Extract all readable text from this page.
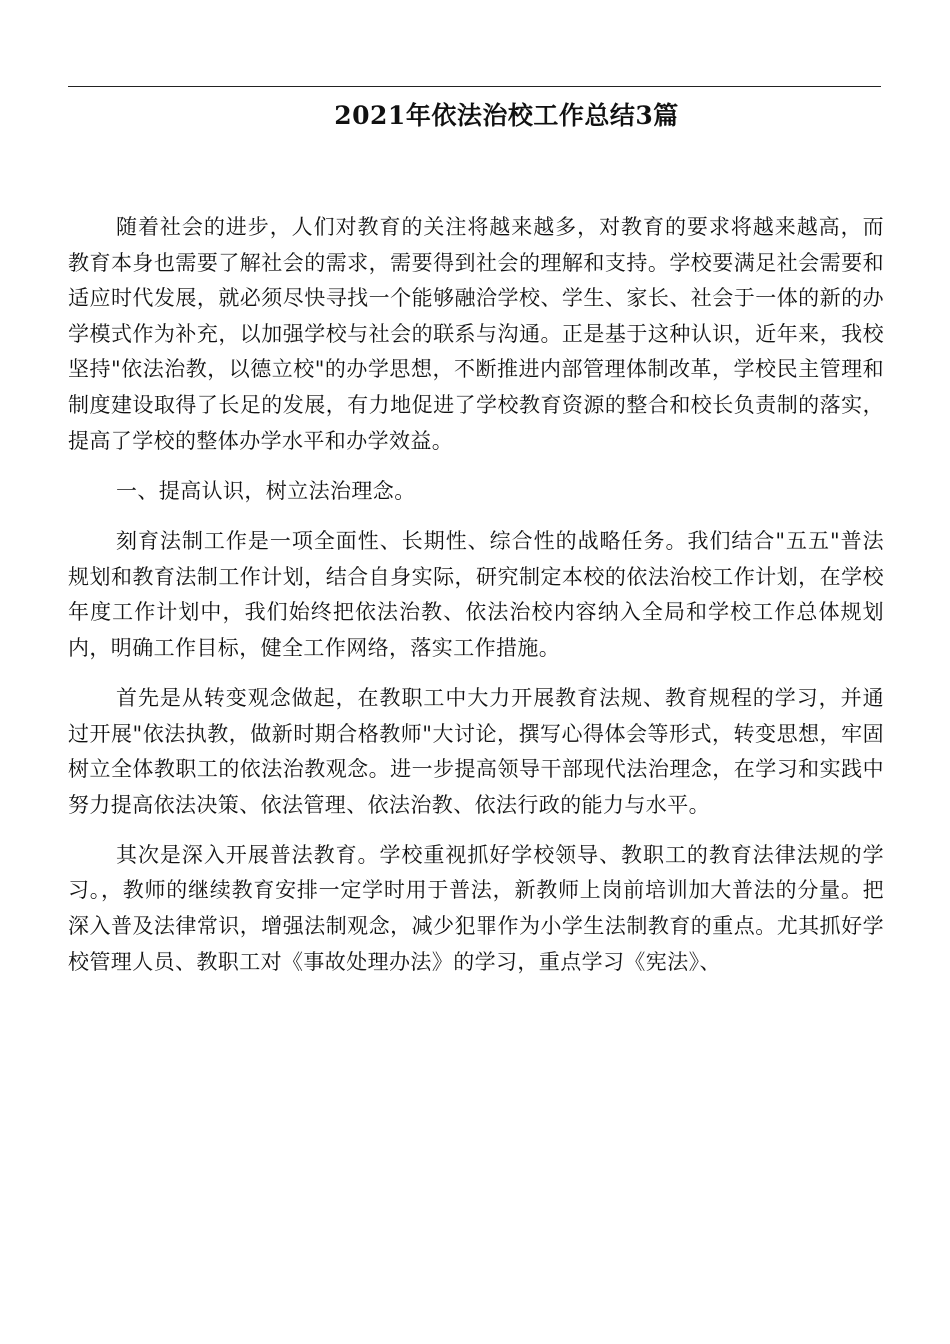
2021年依法治校工作总结3篇

随着社会的进步，人们对教育的关注将越来越多，对教育的要求将越来越高，而教育本身也需要了解社会的需求，需要得到社会的理解和支持。学校要满足社会需要和适应时代发展，就必须尽快寻找一个能够融洽学校、学生、家长、社会于一体的新的办学模式作为补充，以加强学校与社会的联系与沟通。正是基于这种认识，近年来，我校坚持"依法治教，以德立校"的办学思想，不断推进内部管理体制改革，学校民主管理和制度建设取得了长足的发展，有力地促进了学校教育资源的整合和校长负责制的落实，提高了学校的整体办学水平和办学效益。

一、提高认识，树立法治理念。

刻育法制工作是一项全面性、长期性、综合性的战略任务。我们结合"五五"普法规划和教育法制工作计划，结合自身实际，研究制定本校的依法治校工作计划，在学校年度工作计划中，我们始终把依法治教、依法治校内容纳入全局和学校工作总体规划内，明确工作目标，健全工作网络，落实工作措施。

首先是从转变观念做起，在教职工中大力开展教育法规、教育规程的学习，并通过开展"依法执教，做新时期合格教师"大讨论，撰写心得体会等形式，转变思想，牢固树立全体教职工的依法治教观念。进一步提高领导干部现代法治理念，在学习和实践中努力提高依法决策、依法管理、依法治教、依法行政的能力与水平。

其次是深入开展普法教育。学校重视抓好学校领导、教职工的教育法律法规的学习。，教师的继续教育安排一定学时用于普法，新教师上岗前培训加大普法的分量。把深入普及法律常识，增强法制观念，减少犯罪作为小学生法制教育的重点。尤其抓好学校管理人员、教职工对《事故处理办法》的学习，重点学习《宪法》、
